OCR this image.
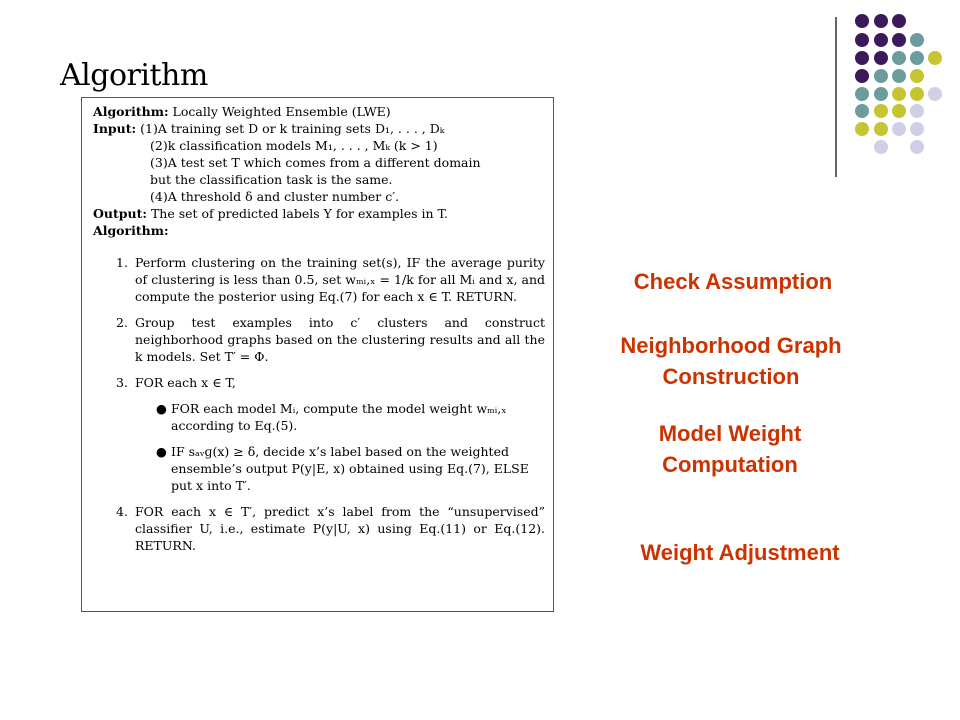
Algorithm
Algorithm: Locally Weighted Ensemble (LWE)
Input: (1)A training set D or k training sets D₁, . . . , Dₖ
(2)k classification models M₁, . . . , Mₖ (k > 1)
(3)A test set T which comes from a different domain
but the classification task is the same.
(4)A threshold δ and cluster number c′.
Output: The set of predicted labels Y for examples in T.
Algorithm:
1. Perform clustering on the training set(s), IF the average purity of clustering is less than 0.5, set wₘᵢ,ₓ = 1/k for all Mᵢ and x, and compute the posterior using Eq.(7) for each x ∈ T. RETURN.
2. Group test examples into c′ clusters and construct neighborhood graphs based on the clustering results and all the k models. Set T′ = Φ.
3. FOR each x ∈ T,
● FOR each model Mᵢ, compute the model weight wₘᵢ,ₓ according to Eq.(5).
● IF sₐᵥɡ(x) ≥ δ, decide x’s label based on the weighted ensemble’s output P(y|E, x) obtained using Eq.(7), ELSE put x into T′.
4. FOR each x ∈ T′, predict x’s label from the “unsupervised” classifier U, i.e., estimate P(y|U, x) using Eq.(11) or Eq.(12). RETURN.
Check Assumption
Neighborhood Graph
Construction
Model Weight
Computation
Weight Adjustment
